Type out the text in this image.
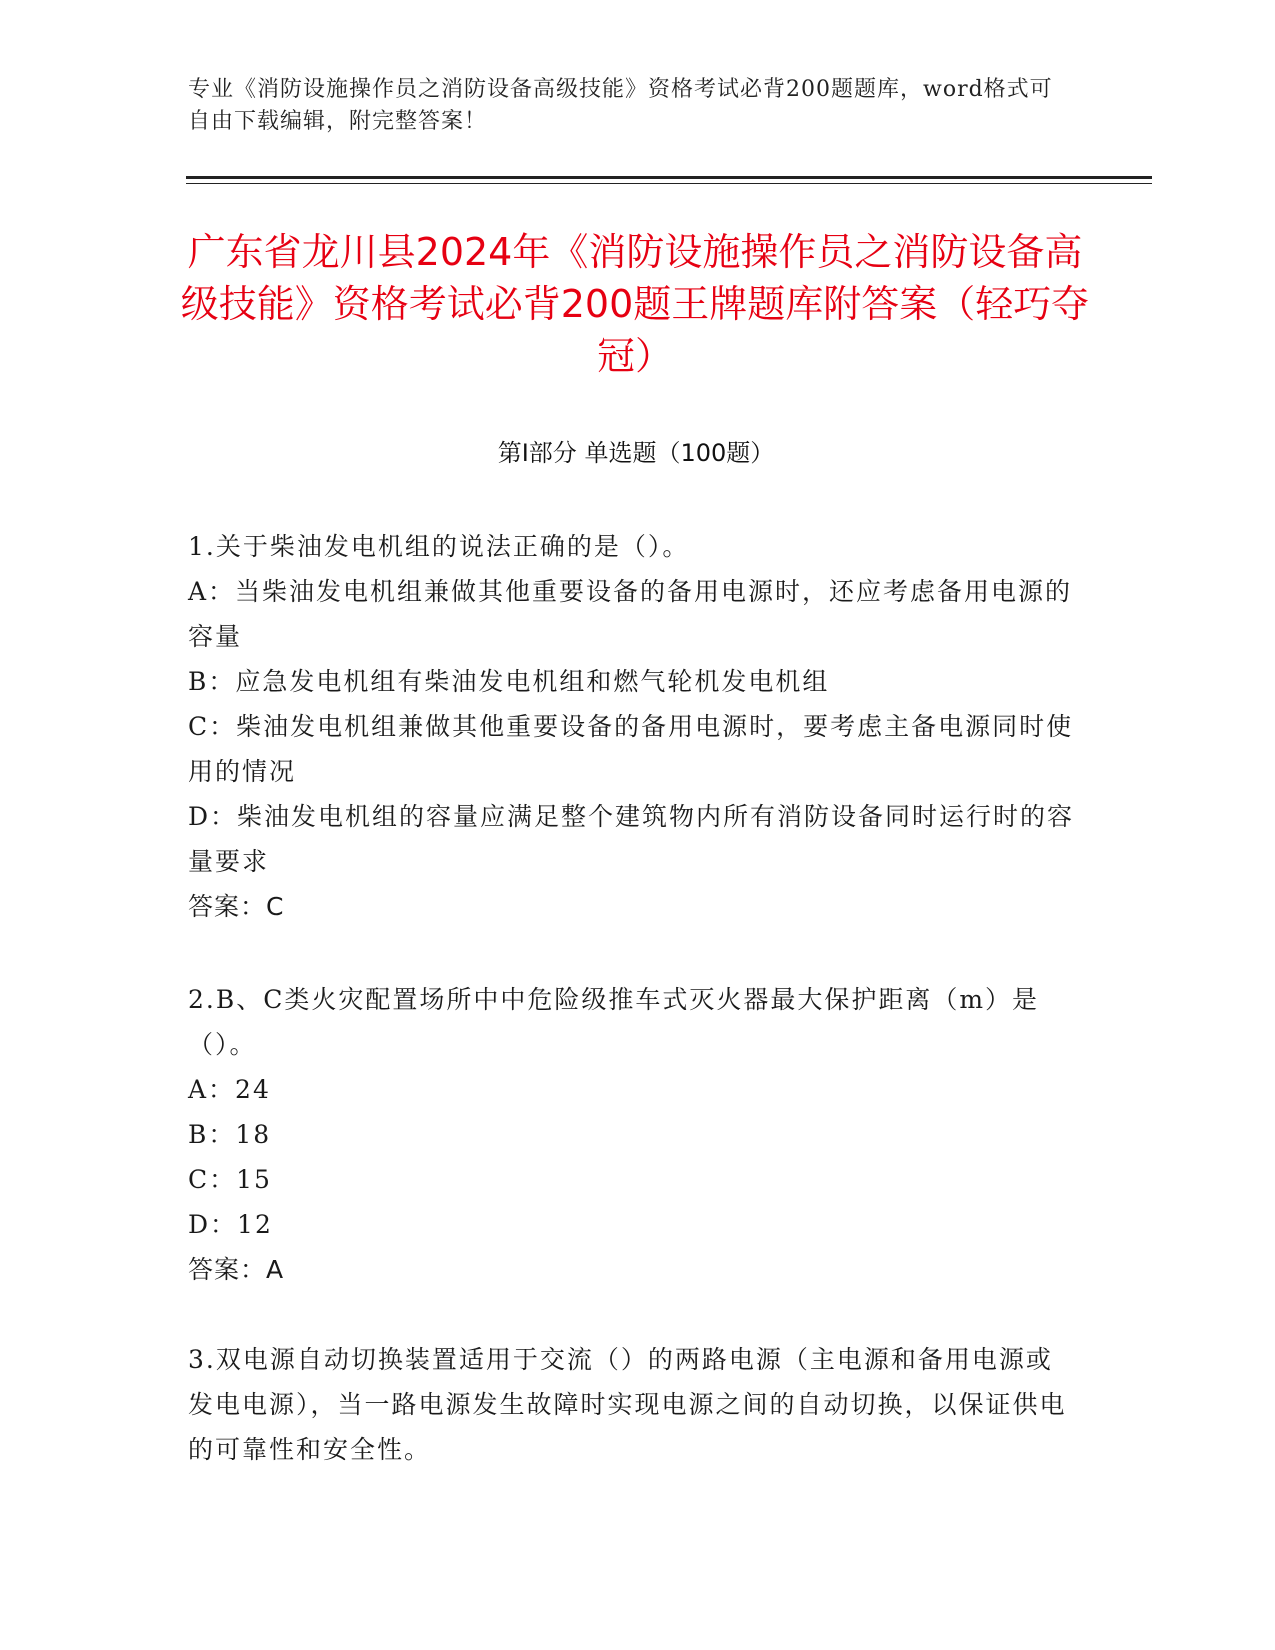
专业《消防设施操作员之消防设备高级技能》资格考试必背200题题库，word格式可自由下载编辑，附完整答案！
广东省龙川县2024年《消防设施操作员之消防设备高级技能》资格考试必背200题王牌题库附答案（轻巧夺冠）
第Ⅰ部分 单选题（100题）
1.关于柴油发电机组的说法正确的是（）。
A：当柴油发电机组兼做其他重要设备的备用电源时，还应考虑备用电源的容量
B：应急发电机组有柴油发电机组和燃气轮机发电机组
C：柴油发电机组兼做其他重要设备的备用电源时，要考虑主备电源同时使用的情况
D：柴油发电机组的容量应满足整个建筑物内所有消防设备同时运行时的容量要求
答案：C
2.B、C类火灾配置场所中中危险级推车式灭火器最大保护距离（m）是（）。
A：24
B：18
C：15
D：12
答案：A
3.双电源自动切换装置适用于交流（）的两路电源（主电源和备用电源或发电电源），当一路电源发生故障时实现电源之间的自动切换，以保证供电的可靠性和安全性。
